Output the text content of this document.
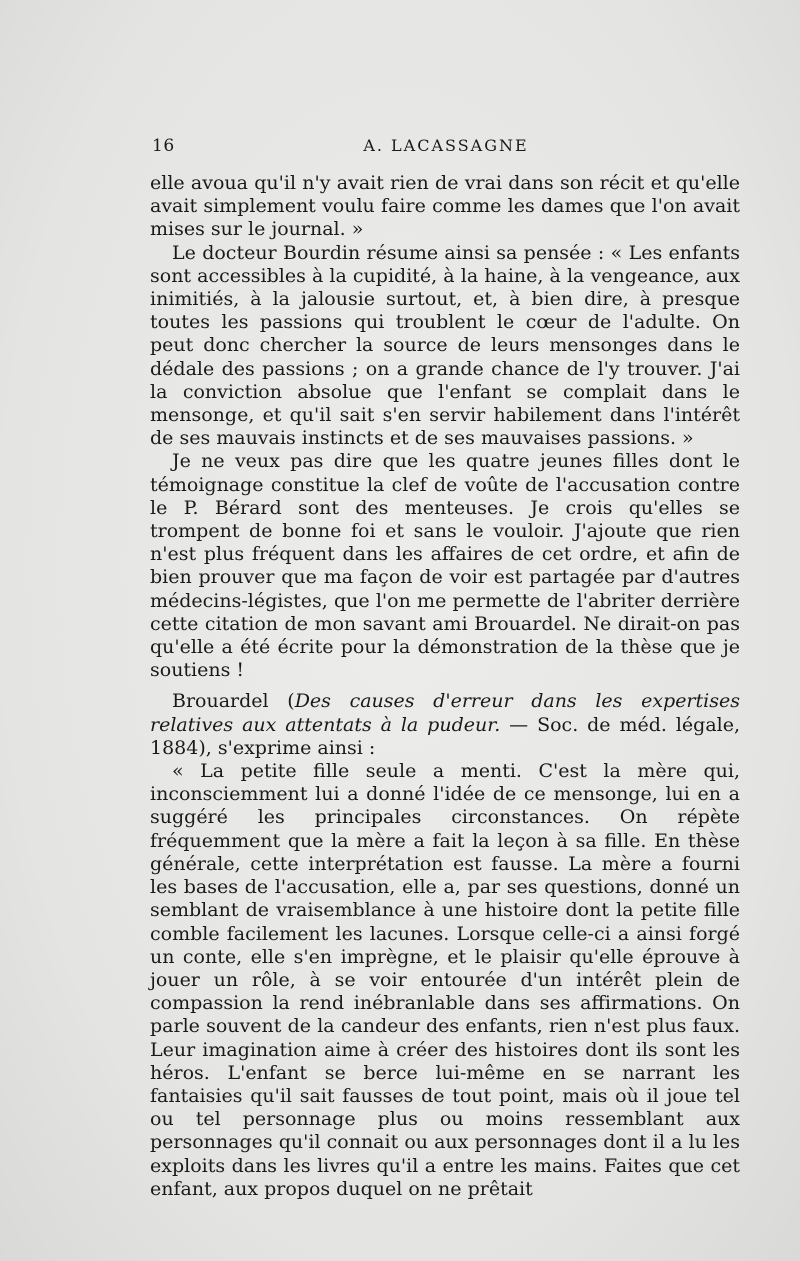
16	A. LACASSAGNE

elle avoua qu'il n'y avait rien de vrai dans son récit et qu'elle avait simplement voulu faire comme les dames que l'on avait mises sur le journal. »

Le docteur Bourdin résume ainsi sa pensée : « Les enfants sont accessibles à la cupidité, à la haine, à la vengeance, aux inimitiés, à la jalousie surtout, et, à bien dire, à presque toutes les passions qui troublent le cœur de l'adulte. On peut donc chercher la source de leurs mensonges dans le dédale des passions ; on a grande chance de l'y trouver. J'ai la conviction absolue que l'enfant se complait dans le mensonge, et qu'il sait s'en servir habilement dans l'intérêt de ses mauvais instincts et de ses mauvaises passions. »

Je ne veux pas dire que les quatre jeunes filles dont le témoignage constitue la clef de voûte de l'accusation contre le P. Bérard sont des menteuses. Je crois qu'elles se trompent de bonne foi et sans le vouloir. J'ajoute que rien n'est plus fréquent dans les affaires de cet ordre, et afin de bien prouver que ma façon de voir est partagée par d'autres médecins-légistes, que l'on me permette de l'abriter derrière cette citation de mon savant ami Brouardel. Ne dirait-on pas qu'elle a été écrite pour la démonstration de la thèse que je soutiens !

Brouardel (Des causes d'erreur dans les expertises relatives aux attentats à la pudeur. — Soc. de méd. légale, 1884), s'exprime ainsi :

« La petite fille seule a menti. C'est la mère qui, inconsciemment lui a donné l'idée de ce mensonge, lui en a suggéré les principales circonstances. On répète fréquemment que la mère a fait la leçon à sa fille. En thèse générale, cette interprétation est fausse. La mère a fourni les bases de l'accusation, elle a, par ses questions, donné un semblant de vraisemblance à une histoire dont la petite fille comble facilement les lacunes. Lorsque celle-ci a ainsi forgé un conte, elle s'en imprègne, et le plaisir qu'elle éprouve à jouer un rôle, à se voir entourée d'un intérêt plein de compassion la rend inébranlable dans ses affirmations. On parle souvent de la candeur des enfants, rien n'est plus faux. Leur imagination aime à créer des histoires dont ils sont les héros. L'enfant se berce lui-même en se narrant les fantaisies qu'il sait fausses de tout point, mais où il joue tel ou tel personnage plus ou moins ressemblant aux personnages qu'il connait ou aux personnages dont il a lu les exploits dans les livres qu'il a entre les mains. Faites que cet enfant, aux propos duquel on ne prêtait
